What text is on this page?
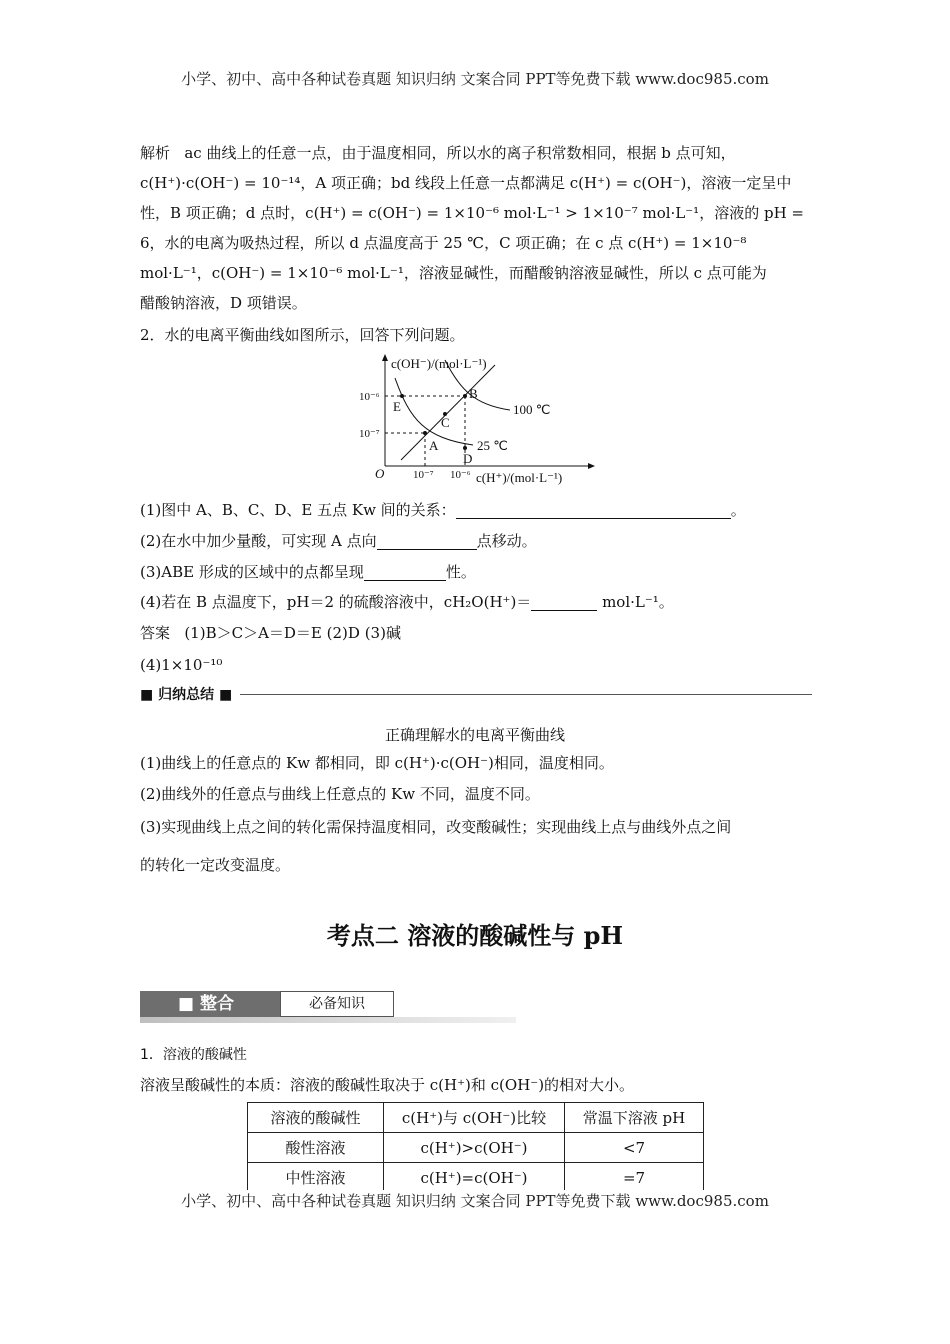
小学、初中、高中各种试卷真题 知识归纳 文案合同 PPT等免费下载 www.doc985.com
解析 ac 曲线上的任意一点，由于温度相同，所以水的离子积常数相同，根据 b 点可知，
c(H⁺)·c(OH⁻) = 10⁻¹⁴，A 项正确；bd 线段上任意一点都满足 c(H⁺) = c(OH⁻)，溶液一定呈中
性，B 项正确；d 点时，c(H⁺) = c(OH⁻) = 1×10⁻⁶ mol·L⁻¹ > 1×10⁻⁷ mol·L⁻¹，溶液的 pH =
6，水的电离为吸热过程，所以 d 点温度高于 25 ℃，C 项正确；在 c 点 c(H⁺) = 1×10⁻⁸
mol·L⁻¹，c(OH⁻) = 1×10⁻⁶ mol·L⁻¹，溶液显碱性，而醋酸钠溶液显碱性，所以 c 点可能为
醋酸钠溶液，D 项错误。
2．水的电离平衡曲线如图所示，回答下列问题。
c(OH⁻)/(mol·L⁻¹)
c(H⁺)/(mol·L⁻¹)
O
10⁻⁶
10⁻⁷
10⁻⁷ 10⁻⁶
100 ℃
25 ℃
A
B
C
D
E
(1)图中 A、B、C、D、E 五点 Kw 间的关系：	。
(2)在水中加少量酸，可实现 A 点向	点移动。
(3)ABE 形成的区域中的点都呈现	性。
(4)若在 B 点温度下，pH＝2 的硫酸溶液中，cH₂O(H⁺)＝	mol·L⁻¹。
答案 (1)B＞C＞A＝D＝E (2)D (3)碱
(4)1×10⁻¹⁰
■ 归纳总结 ■
正确理解水的电离平衡曲线
(1)曲线上的任意点的 Kw 都相同，即 c(H⁺)·c(OH⁻)相同，温度相同。
(2)曲线外的任意点与曲线上任意点的 Kw 不同，温度不同。
(3)实现曲线上点之间的转化需保持温度相同，改变酸碱性；实现曲线上点与曲线外点之间
的转化一定改变温度。
考点二 溶液的酸碱性与 pH
■ 整合	必备知识
1．溶液的酸碱性
溶液呈酸碱性的本质：溶液的酸碱性取决于 c(H⁺)和 c(OH⁻)的相对大小。
溶液的酸碱性	c(H⁺)与 c(OH⁻)比较	常温下溶液 pH
酸性溶液	c(H⁺)>c(OH⁻)	<7
中性溶液	c(H⁺)=c(OH⁻)	=7
小学、初中、高中各种试卷真题 知识归纳 文案合同 PPT等免费下载 www.doc985.com
